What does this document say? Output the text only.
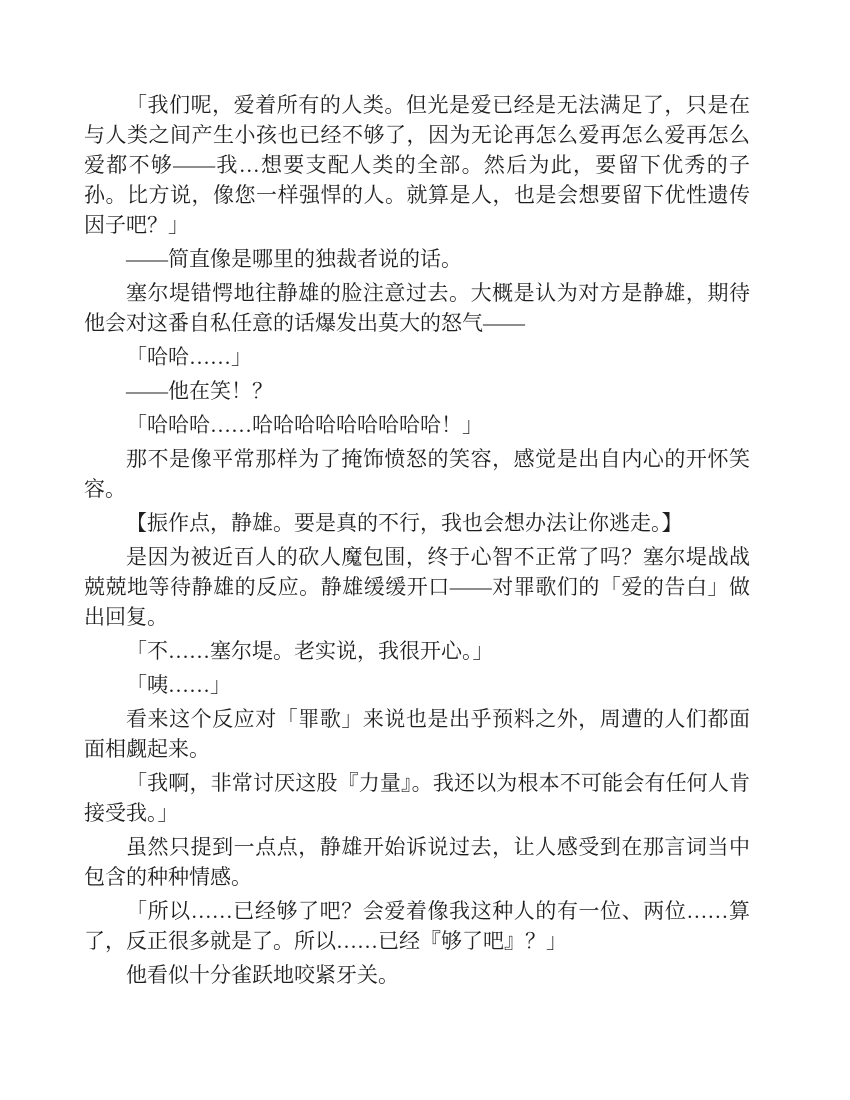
「我们呢，爱着所有的人类。但光是爱已经是无法满足了，只是在与人类之间产生小孩也已经不够了，因为无论再怎么爱再怎么爱再怎么爱都不够——我…想要支配人类的全部。然后为此，要留下优秀的子孙。比方说，像您一样强悍的人。就算是人，也是会想要留下优性遗传因子吧？」

——简直像是哪里的独裁者说的话。

塞尔堤错愕地往静雄的脸注意过去。大概是认为对方是静雄，期待他会对这番自私任意的话爆发出莫大的怒气——

「哈哈……」

——他在笑！？

「哈哈哈……哈哈哈哈哈哈哈哈哈！」

那不是像平常那样为了掩饰愤怒的笑容，感觉是出自内心的开怀笑容。

【振作点，静雄。要是真的不行，我也会想办法让你逃走。】

是因为被近百人的砍人魔包围，终于心智不正常了吗？塞尔堤战战兢兢地等待静雄的反应。静雄缓缓开口——对罪歌们的「爱的告白」做出回复。

「不……塞尔堤。老实说，我很开心。」

「咦……」

看来这个反应对「罪歌」来说也是出乎预料之外，周遭的人们都面面相觑起来。

「我啊，非常讨厌这股『力量』。我还以为根本不可能会有任何人肯接受我。」

虽然只提到一点点，静雄开始诉说过去，让人感受到在那言词当中包含的种种情感。

「所以……已经够了吧？会爱着像我这种人的有一位、两位……算了，反正很多就是了。所以……已经『够了吧』？」

他看似十分雀跃地咬紧牙关。
